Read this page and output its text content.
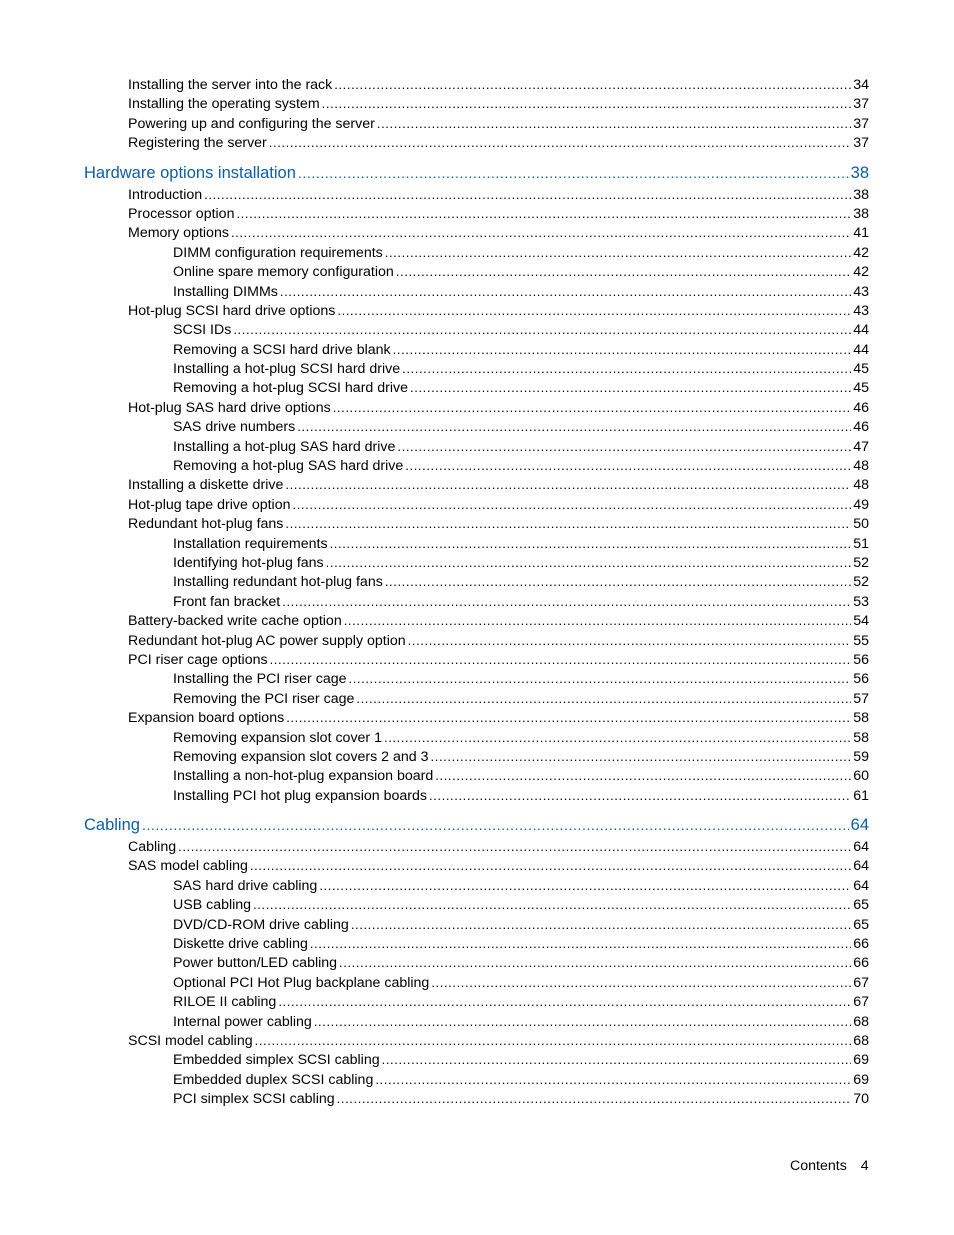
Installing the server into the rack .....	34
Installing the operating system .....	37
Powering up and configuring the server .....	37
Registering the server .....	37
Hardware options installation .....	38
Introduction .....	38
Processor option .....	38
Memory options .....	41
DIMM configuration requirements .....	42
Online spare memory configuration .....	42
Installing DIMMs .....	43
Hot-plug SCSI hard drive options .....	43
SCSI IDs .....	44
Removing a SCSI hard drive blank .....	44
Installing a hot-plug SCSI hard drive .....	45
Removing a hot-plug SCSI hard drive .....	45
Hot-plug SAS hard drive options .....	46
SAS drive numbers .....	46
Installing a hot-plug SAS hard drive .....	47
Removing a hot-plug SAS hard drive .....	48
Installing a diskette drive .....	48
Hot-plug tape drive option .....	49
Redundant hot-plug fans .....	50
Installation requirements .....	51
Identifying hot-plug fans .....	52
Installing redundant hot-plug fans .....	52
Front fan bracket .....	53
Battery-backed write cache option .....	54
Redundant hot-plug AC power supply option .....	55
PCI riser cage options .....	56
Installing the PCI riser cage .....	56
Removing the PCI riser cage .....	57
Expansion board options .....	58
Removing expansion slot cover 1 .....	58
Removing expansion slot covers 2 and 3 .....	59
Installing a non-hot-plug expansion board .....	60
Installing PCI hot plug expansion boards .....	61
Cabling .....	64
Cabling .....	64
SAS model cabling .....	64
SAS hard drive cabling .....	64
USB cabling .....	65
DVD/CD-ROM drive cabling .....	65
Diskette drive cabling .....	66
Power button/LED cabling .....	66
Optional PCI Hot Plug backplane cabling .....	67
RILOE II cabling .....	67
Internal power cabling .....	68
SCSI model cabling .....	68
Embedded simplex SCSI cabling .....	69
Embedded duplex SCSI cabling .....	69
PCI simplex SCSI cabling .....	70
Contents 4
